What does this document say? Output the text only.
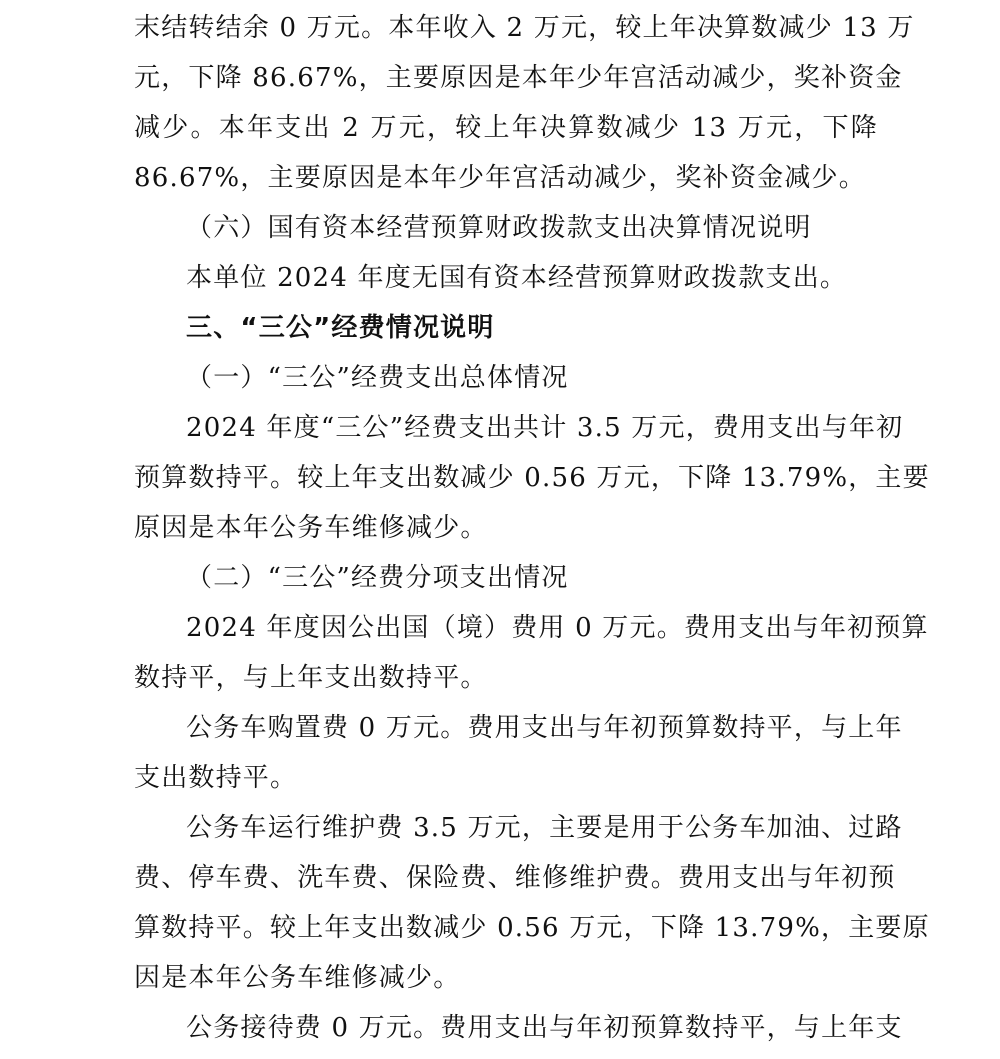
末结转结余 0 万元。本年收入 2 万元，较上年决算数减少 13 万
元，下降 86.67%，主要原因是本年少年宫活动减少，奖补资金
减少。本年支出 2 万元，较上年决算数减少 13 万元，下降
86.67%，主要原因是本年少年宫活动减少，奖补资金减少。
（六）国有资本经营预算财政拨款支出决算情况说明
本单位 2024 年度无国有资本经营预算财政拨款支出。
三、“三公”经费情况说明
（一）“三公”经费支出总体情况
2024 年度“三公”经费支出共计 3.5 万元，费用支出与年初
预算数持平。较上年支出数减少 0.56 万元，下降 13.79%，主要
原因是本年公务车维修减少。
（二）“三公”经费分项支出情况
2024 年度因公出国（境）费用 0 万元。费用支出与年初预算
数持平，与上年支出数持平。
公务车购置费 0 万元。费用支出与年初预算数持平，与上年
支出数持平。
公务车运行维护费 3.5 万元，主要是用于公务车加油、过路
费、停车费、洗车费、保险费、维修维护费。费用支出与年初预
算数持平。较上年支出数减少 0.56 万元，下降 13.79%，主要原
因是本年公务车维修减少。
公务接待费 0 万元。费用支出与年初预算数持平，与上年支
